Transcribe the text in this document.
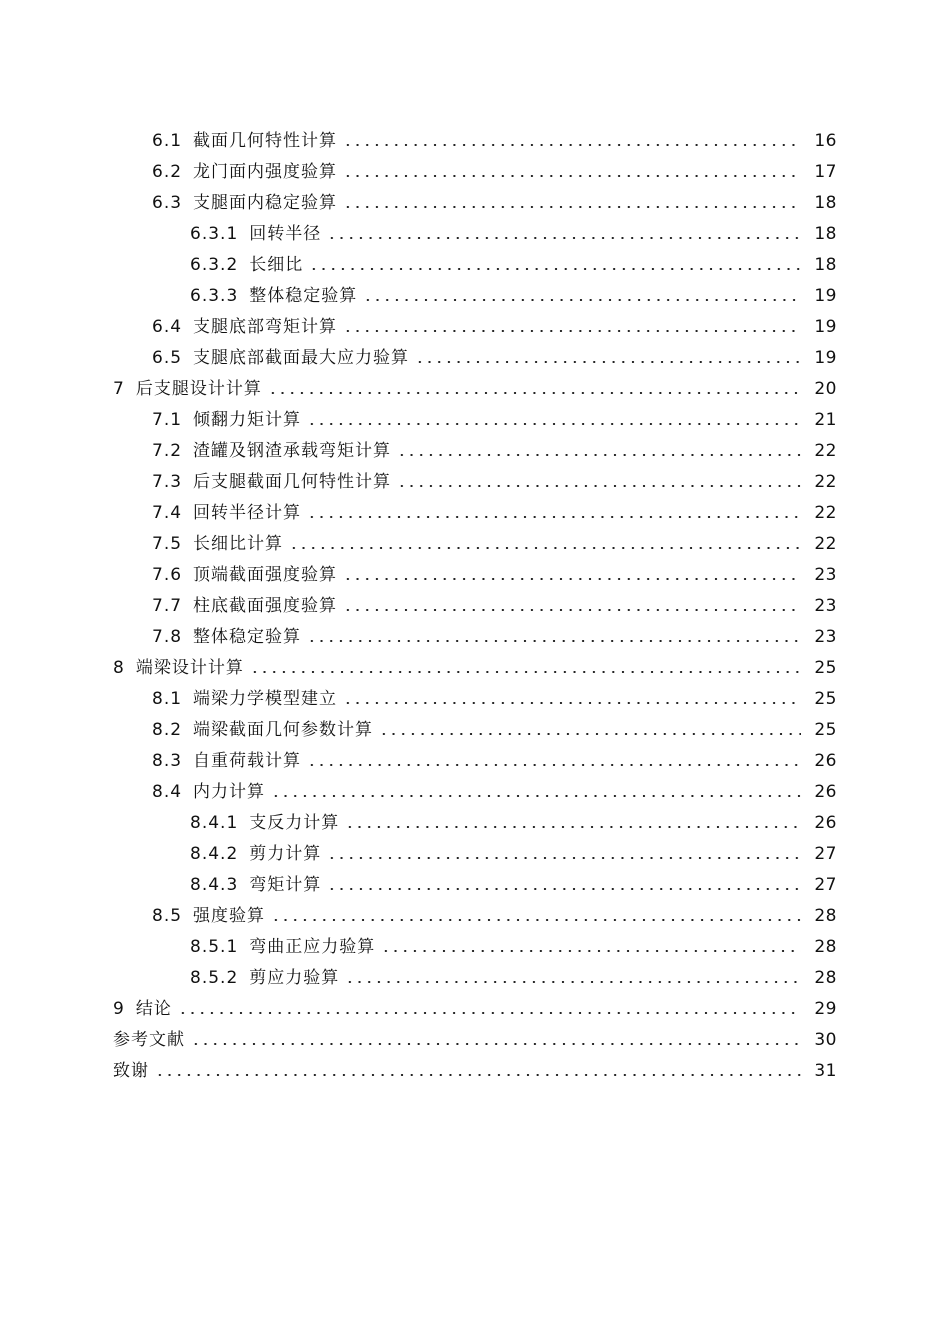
6.1 截面几何特性计算	16
6.2 龙门面内强度验算	17
6.3 支腿面内稳定验算	18
6.3.1 回转半径	18
6.3.2 长细比	18
6.3.3 整体稳定验算	19
6.4 支腿底部弯矩计算	19
6.5 支腿底部截面最大应力验算	19
7 后支腿设计计算	20
7.1 倾翻力矩计算	21
7.2 渣罐及钢渣承载弯矩计算	22
7.3 后支腿截面几何特性计算	22
7.4 回转半径计算	22
7.5 长细比计算	22
7.6 顶端截面强度验算	23
7.7 柱底截面强度验算	23
7.8 整体稳定验算	23
8 端梁设计计算	25
8.1 端梁力学模型建立	25
8.2 端梁截面几何参数计算	25
8.3 自重荷载计算	26
8.4 内力计算	26
8.4.1 支反力计算	26
8.4.2 剪力计算	27
8.4.3 弯矩计算	27
8.5 强度验算	28
8.5.1 弯曲正应力验算	28
8.5.2 剪应力验算	28
9 结论	29
参考文献	30
致谢	31
